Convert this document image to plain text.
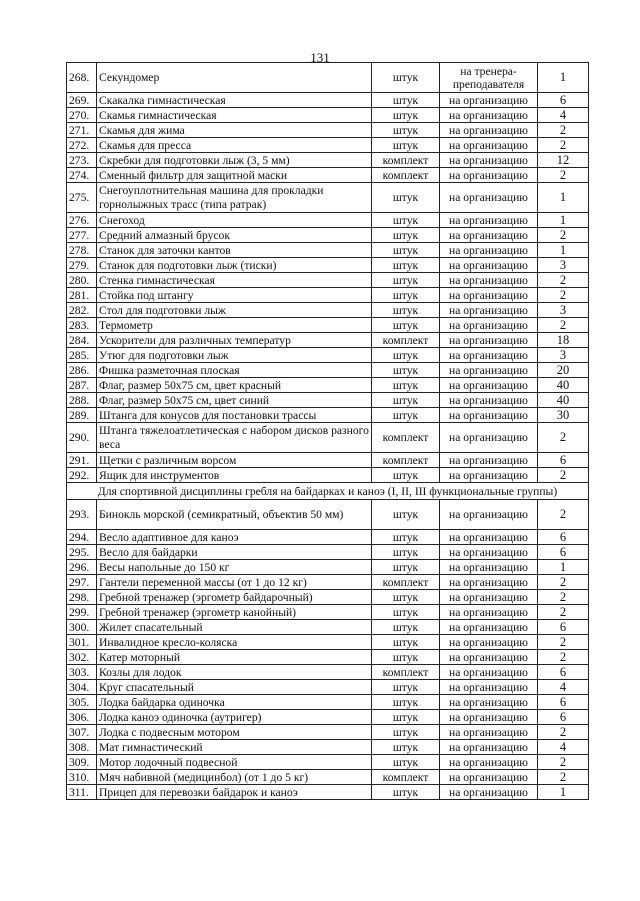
131
268.	Секундомер	штук	на тренера-преподавателя	1
269.	Скакалка гимнастическая	штук	на организацию	6
270.	Скамья гимнастическая	штук	на организацию	4
271.	Скамья для жима	штук	на организацию	2
272.	Скамья для пресса	штук	на организацию	2
273.	Скребки для подготовки лыж (3, 5 мм)	комплект	на организацию	12
274.	Сменный фильтр для защитной маски	комплект	на организацию	2
275.	Снегоуплотнительная машина для прокладки горнолыжных трасс (типа ратрак)	штук	на организацию	1
276.	Снегоход	штук	на организацию	1
277.	Средний алмазный брусок	штук	на организацию	2
278.	Станок для заточки кантов	штук	на организацию	1
279.	Станок для подготовки лыж (тиски)	штук	на организацию	3
280.	Стенка гимнастическая	штук	на организацию	2
281.	Стойка под штангу	штук	на организацию	2
282.	Стол для подготовки лыж	штук	на организацию	3
283.	Термометр	штук	на организацию	2
284.	Ускорители для различных температур	комплект	на организацию	18
285.	Утюг для подготовки лыж	штук	на организацию	3
286.	Фишка разметочная плоская	штук	на организацию	20
287.	Флаг, размер 50х75 см, цвет красный	штук	на организацию	40
288.	Флаг, размер 50х75 см, цвет синий	штук	на организацию	40
289.	Штанга для конусов для постановки трассы	штук	на организацию	30
290.	Штанга тяжелоатлетическая с набором дисков разного веса	комплект	на организацию	2
291.	Щетки с различным ворсом	комплект	на организацию	6
292.	Ящик для инструментов	штук	на организацию	2
Для спортивной дисциплины гребля на байдарках и каноэ (I, II, III функциональные группы)				
293.	Бинокль морской (семикратный, объектив 50 мм)	штук	на организацию	2
294.	Весло адаптивное для каноэ	штук	на организацию	6
295.	Весло для байдарки	штук	на организацию	6
296.	Весы напольные до 150 кг	штук	на организацию	1
297.	Гантели переменной массы (от 1 до 12 кг)	комплект	на организацию	2
298.	Гребной тренажер (эргометр байдарочный)	штук	на организацию	2
299.	Гребной тренажер (эргометр канойный)	штук	на организацию	2
300.	Жилет спасательный	штук	на организацию	6
301.	Инвалидное кресло-коляска	штук	на организацию	2
302.	Катер моторный	штук	на организацию	2
303.	Козлы для лодок	комплект	на организацию	6
304.	Круг спасательный	штук	на организацию	4
305.	Лодка байдарка одиночка	штук	на организацию	6
306.	Лодка каноэ одиночка (аутригер)	штук	на организацию	6
307.	Лодка с подвесным мотором	штук	на организацию	2
308.	Мат гимнастический	штук	на организацию	4
309.	Мотор лодочный подвесной	штук	на организацию	2
310.	Мяч набивной (медицинбол) (от 1 до 5 кг)	комплект	на организацию	2
311.	Прицеп для перевозки байдарок и каноэ	штук	на организацию	1
